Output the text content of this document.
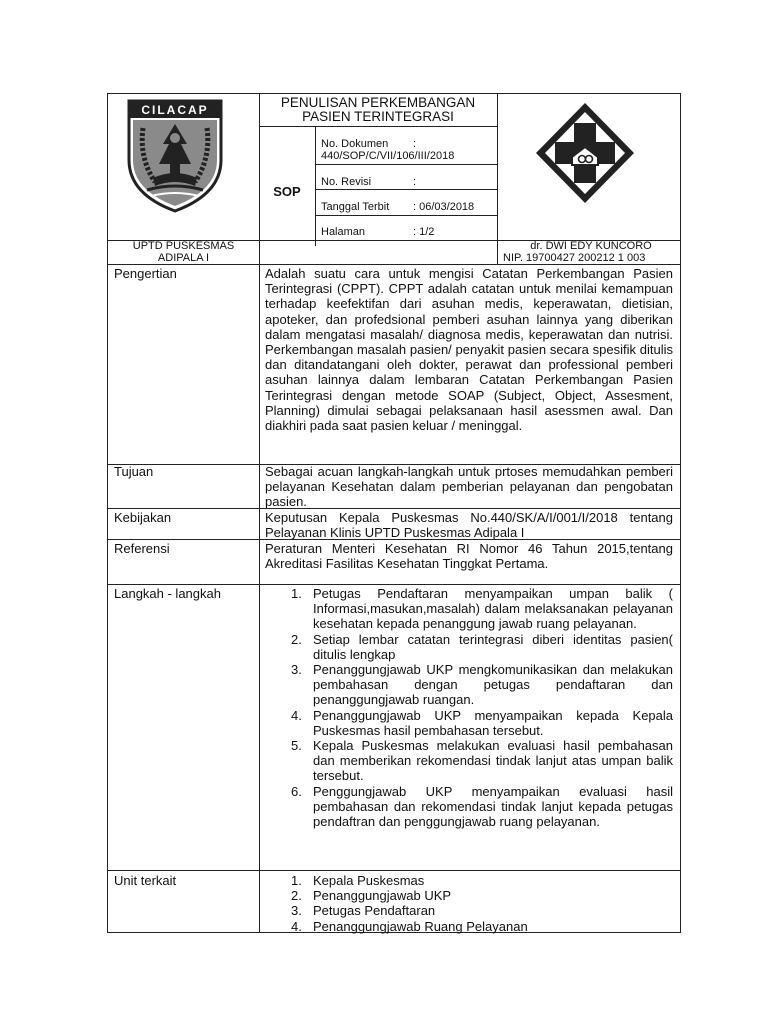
CILACAP	PENULISAN PERKEMBANGAN
PASIEN TERINTEGRASI
SOP
No. Dokumen :
440/SOP/C/VII/106/III/2018
No. Revisi	:
Tanggal Terbit : 06/03/2018
Halaman	: 1/2
UPTD PUSKESMAS
ADIPALA I
dr. DWI EDY KUNCORO
NIP. 19700427 200212 1 003
Pengertian	Adalah suatu cara untuk mengisi Catatan Perkembangan Pasien Terintegrasi (CPPT). CPPT adalah catatan untuk menilai kemampuan terhadap keefektifan dari asuhan medis, keperawatan, dietisian, apoteker, dan profedsional pemberi asuhan lainnya yang diberikan dalam mengatasi masalah/ diagnosa medis, keperawatan dan nutrisi. Perkembangan masalah pasien/ penyakit pasien secara spesifik ditulis dan ditandatangani oleh dokter, perawat dan professional pemberi asuhan lainnya dalam lembaran Catatan Perkembangan Pasien Terintegrasi dengan metode SOAP (Subject, Object, Assesment, Planning) dimulai sebagai pelaksanaan hasil asessmen awal. Dan diakhiri pada saat pasien keluar / meninggal.
Tujuan	Sebagai acuan langkah-langkah untuk prtoses memudahkan pemberi pelayanan Kesehatan dalam pemberian pelayanan dan pengobatan pasien.
Kebijakan	Keputusan Kepala Puskesmas No.440/SK/A/I/001/I/2018 tentang Pelayanan Klinis UPTD Puskesmas Adipala I
Referensi	Peraturan Menteri Kesehatan RI Nomor 46 Tahun 2015,tentang Akreditasi Fasilitas Kesehatan Tinggkat Pertama.
Langkah - langkah	1. Petugas Pendaftaran menyampaikan umpan balik ( Informasi,masukan,masalah) dalam melaksanakan pelayanan kesehatan kepada penanggung jawab ruang pelayanan.
2. Setiap lembar catatan terintegrasi diberi identitas pasien( ditulis lengkap
3. Penanggungjawab UKP mengkomunikasikan dan melakukan pembahasan dengan petugas pendaftaran dan penanggungjawab ruangan.
4. Penanggungjawab UKP menyampaikan kepada Kepala Puskesmas hasil pembahasan tersebut.
5. Kepala Puskesmas melakukan evaluasi hasil pembahasan dan memberikan rekomendasi tindak lanjut atas umpan balik tersebut.
6. Penggungjawab UKP menyampaikan evaluasi hasil pembahasan dan rekomendasi tindak lanjut kepada petugas pendaftran dan penggungjawab ruang pelayanan.
Unit terkait	1. Kepala Puskesmas
2. Penanggungjawab UKP
3. Petugas Pendaftaran
4. Penanggungjawab Ruang Pelayanan
